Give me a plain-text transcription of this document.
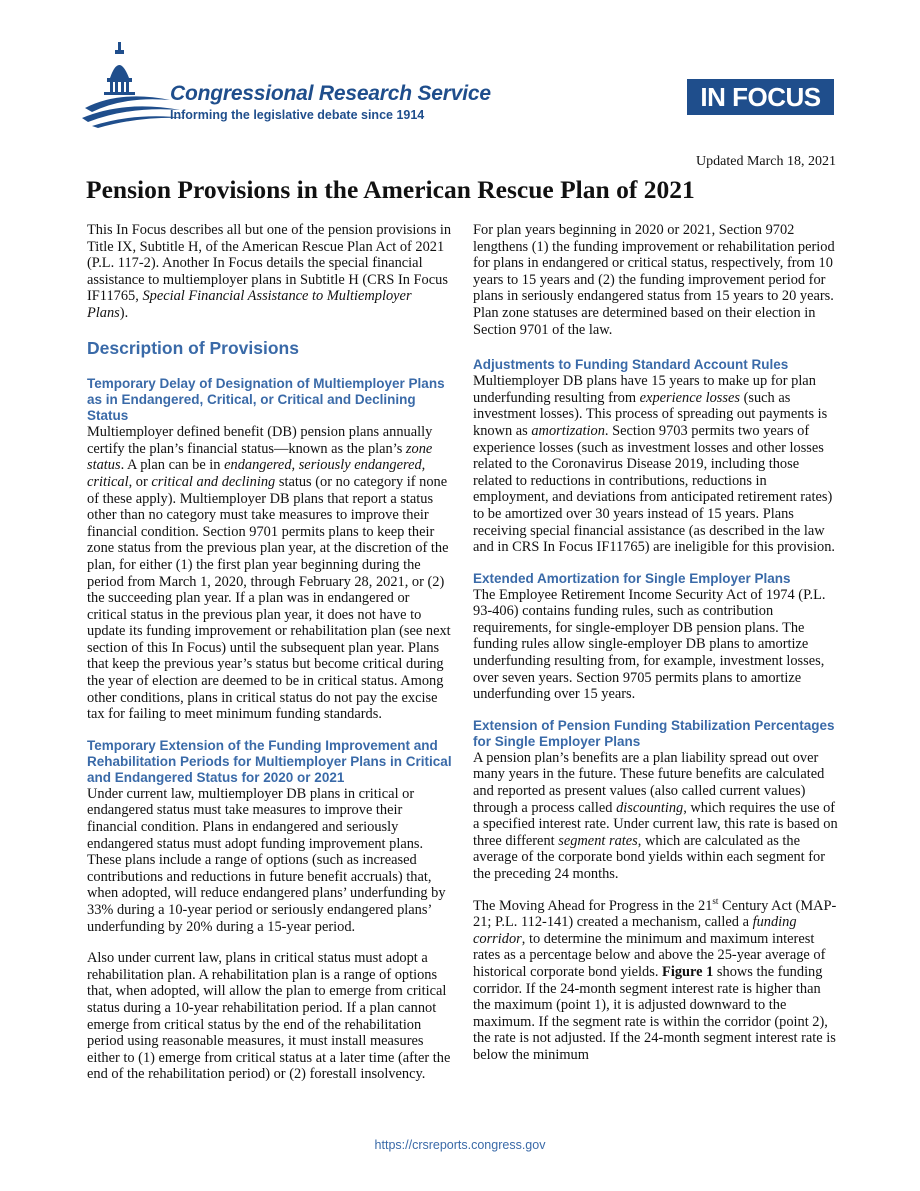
Congressional Research Service
Informing the legislative debate since 1914
IN FOCUS
Updated March 18, 2021
Pension Provisions in the American Rescue Plan of 2021

This In Focus describes all but one of the pension provisions in Title IX, Subtitle H, of the American Rescue Plan Act of 2021 (P.L. 117-2). Another In Focus details the special financial assistance to multiemployer plans in Subtitle H (CRS In Focus IF11765, Special Financial Assistance to Multiemployer Plans).

Description of Provisions
Temporary Delay of Designation of Multiemployer Plans as in Endangered, Critical, or Critical and Declining Status

Multiemployer defined benefit (DB) pension plans annually certify the plan’s financial status—known as the plan’s zone status. A plan can be in endangered, seriously endangered, critical, or critical and declining status (or no category if none of these apply). Multiemployer DB plans that report a status other than no category must take measures to improve their financial condition. Section 9701 permits plans to keep their zone status from the previous plan year, at the discretion of the plan, for either (1) the first plan year beginning during the period from March 1, 2020, through February 28, 2021, or (2) the succeeding plan year. If a plan was in endangered or critical status in the previous plan year, it does not have to update its funding improvement or rehabilitation plan (see next section of this In Focus) until the subsequent plan year. Plans that keep the previous year’s status but become critical during the year of election are deemed to be in critical status. Among other conditions, plans in critical status do not pay the excise tax for failing to meet minimum funding standards.

Temporary Extension of the Funding Improvement and Rehabilitation Periods for Multiemployer Plans in Critical and Endangered Status for 2020 or 2021

Under current law, multiemployer DB plans in critical or endangered status must take measures to improve their financial condition. Plans in endangered and seriously endangered status must adopt funding improvement plans. These plans include a range of options (such as increased contributions and reductions in future benefit accruals) that, when adopted, will reduce endangered plans’ underfunding by 33% during a 10-year period or seriously endangered plans’ underfunding by 20% during a 15-year period.

Also under current law, plans in critical status must adopt a rehabilitation plan. A rehabilitation plan is a range of options that, when adopted, will allow the plan to emerge from critical status during a 10-year rehabilitation period. If a plan cannot emerge from critical status by the end of the rehabilitation period using reasonable measures, it must install measures either to (1) emerge from critical status at a later time (after the end of the rehabilitation period) or (2) forestall insolvency.

For plan years beginning in 2020 or 2021, Section 9702 lengthens (1) the funding improvement or rehabilitation period for plans in endangered or critical status, respectively, from 10 years to 15 years and (2) the funding improvement period for plans in seriously endangered status from 15 years to 20 years. Plan zone statuses are determined based on their election in Section 9701 of the law.

Adjustments to Funding Standard Account Rules

Multiemployer DB plans have 15 years to make up for plan underfunding resulting from experience losses (such as investment losses). This process of spreading out payments is known as amortization. Section 9703 permits two years of experience losses (such as investment losses and other losses related to the Coronavirus Disease 2019, including those related to reductions in contributions, reductions in employment, and deviations from anticipated retirement rates) to be amortized over 30 years instead of 15 years. Plans receiving special financial assistance (as described in the law and in CRS In Focus IF11765) are ineligible for this provision.

Extended Amortization for Single Employer Plans

The Employee Retirement Income Security Act of 1974 (P.L. 93-406) contains funding rules, such as contribution requirements, for single-employer DB pension plans. The funding rules allow single-employer DB plans to amortize underfunding resulting from, for example, investment losses, over seven years. Section 9705 permits plans to amortize underfunding over 15 years.

Extension of Pension Funding Stabilization Percentages for Single Employer Plans

A pension plan’s benefits are a plan liability spread out over many years in the future. These future benefits are calculated and reported as present values (also called current values) through a process called discounting, which requires the use of a specified interest rate. Under current law, this rate is based on three different segment rates, which are calculated as the average of the corporate bond yields within each segment for the preceding 24 months.

The Moving Ahead for Progress in the 21st Century Act (MAP-21; P.L. 112-141) created a mechanism, called a funding corridor, to determine the minimum and maximum interest rates as a percentage below and above the 25-year average of historical corporate bond yields. Figure 1 shows the funding corridor. If the 24-month segment interest rate is higher than the maximum (point 1), it is adjusted downward to the maximum. If the segment rate is within the corridor (point 2), the rate is not adjusted. If the 24-month segment interest rate is below the minimum

https://crsreports.congress.gov
